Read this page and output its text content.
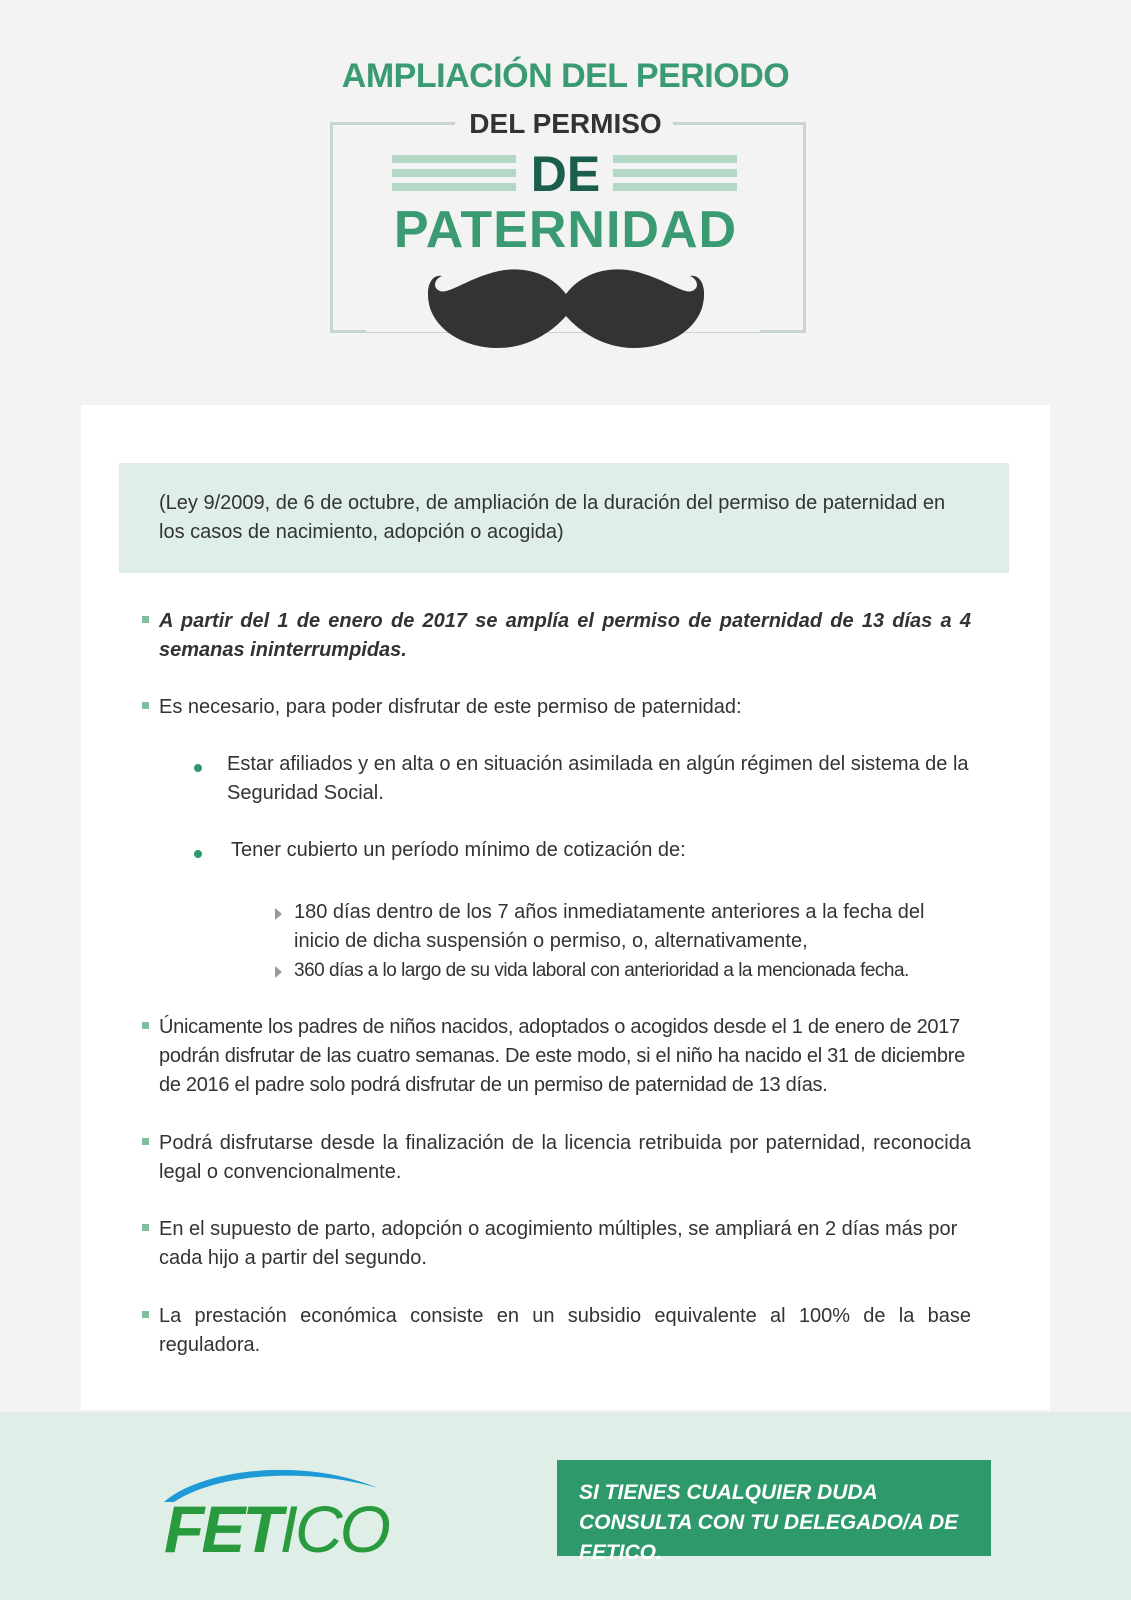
AMPLIACIÓN DEL PERIODO
DEL PERMISO
DE
PATERNIDAD
(Ley 9/2009, de 6 de octubre, de ampliación de la duración del permiso de paternidad en los casos de nacimiento, adopción o acogida)
A partir del 1 de enero de 2017 se amplía el permiso de paternidad de 13 días a 4 semanas ininterrumpidas.
Es necesario, para poder disfrutar de este permiso de paternidad:
Estar afiliados y en alta o en situación asimilada en algún régimen del sistema de la Seguridad Social.
Tener cubierto un período mínimo de cotización de:
180 días dentro de los 7 años inmediatamente anteriores a la fecha del inicio de dicha suspensión o permiso, o, alternativamente,
360 días a lo largo de su vida laboral con anterioridad a la mencionada fecha.
Únicamente los padres de niños nacidos, adoptados o acogidos desde el 1 de enero de 2017 podrán disfrutar de las cuatro semanas. De este modo, si el niño ha nacido el 31 de diciembre de 2016 el padre solo podrá disfrutar de un permiso de paternidad de 13 días.
Podrá disfrutarse desde la finalización de la licencia retribuida por paternidad, reconocida legal o convencionalmente.
En el supuesto de parto, adopción o acogimiento múltiples, se ampliará en 2 días más por cada hijo a partir del segundo.
La prestación económica consiste en un subsidio equivalente al 100% de la base reguladora.
FETICO	SI TIENES CUALQUIER DUDA CONSULTA CON TU DELEGADO/A DE FETICO.
